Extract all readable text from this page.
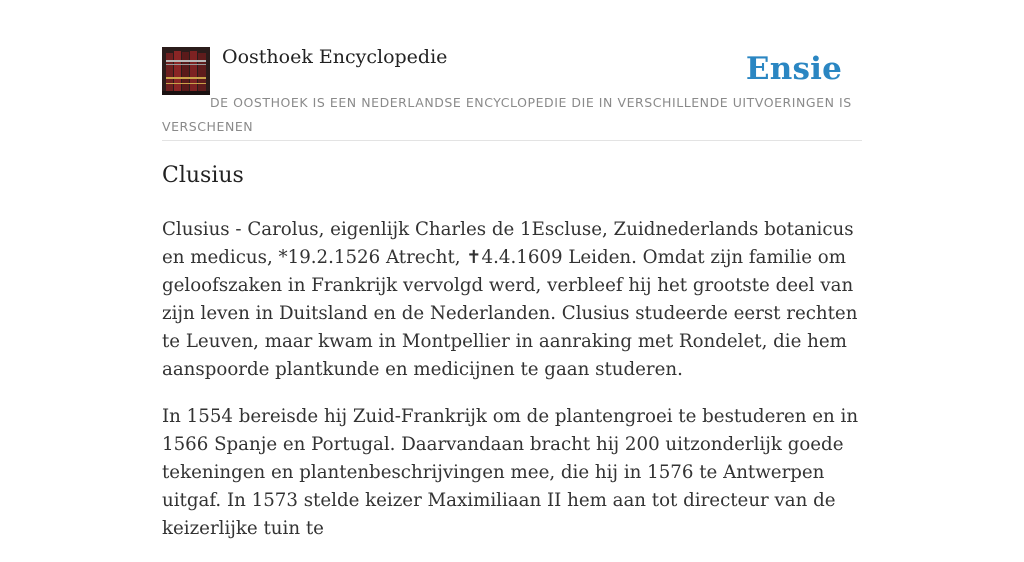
Oosthoek Encyclopedie	Ensie
DE OOSTHOEK IS EEN NEDERLANDSE ENCYCLOPEDIE DIE IN VERSCHILLENDE UITVOERINGEN IS VERSCHENEN
Clusius

Clusius - Carolus, eigenlijk Charles de 1Escluse, Zuidnederlands botanicus en medicus, *19.2.1526 Atrecht, ✝4.4.1609 Leiden. Omdat zijn familie om geloofszaken in Frankrijk vervolgd werd, verbleef hij het grootste deel van zijn leven in Duitsland en de Nederlanden. Clusius studeerde eerst rechten te Leuven, maar kwam in Montpellier in aanraking met Rondelet, die hem aanspoorde plantkunde en medicijnen te gaan studeren.

In 1554 bereisde hij Zuid-Frankrijk om de plantengroei te bestuderen en in 1566 Spanje en Portugal. Daarvandaan bracht hij 200 uitzonderlijk goede tekeningen en plantenbeschrijvingen mee, die hij in 1576 te Antwerpen uitgaf. In 1573 stelde keizer Maximiliaan II hem aan tot directeur van de keizerlijke tuin te
